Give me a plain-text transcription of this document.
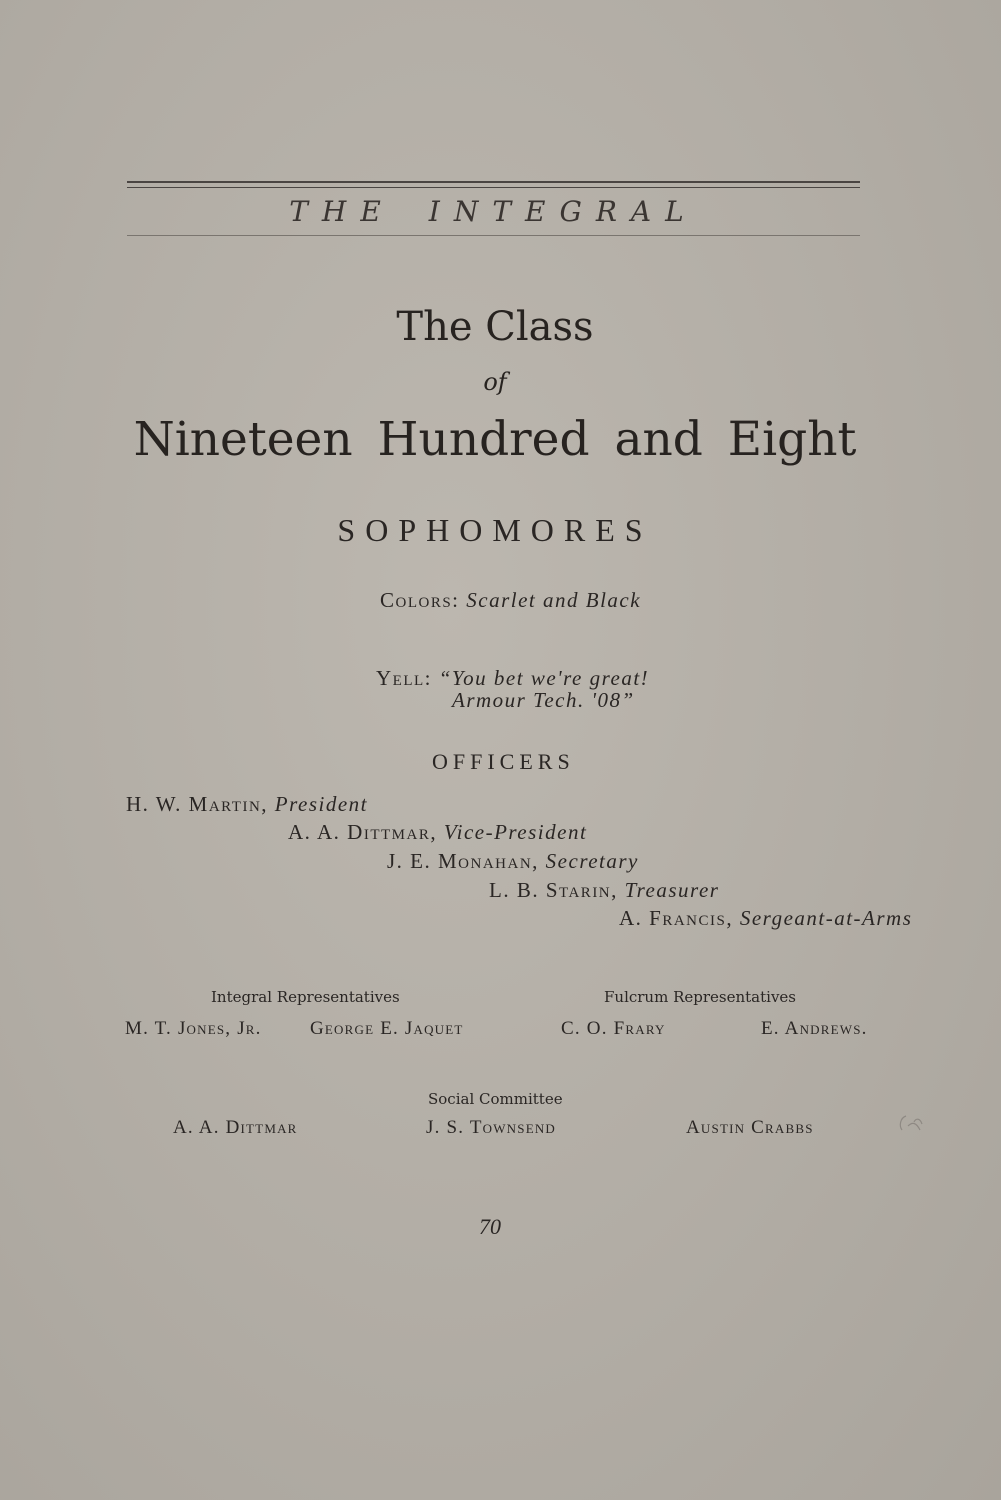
THE INTEGRAL
The Class
of
Nineteen Hundred and Eight
SOPHOMORES
Colors: Scarlet and Black
Yell: “You bet we're great!
Armour Tech. '08”
OFFICERS
H. W. Martin, President
A. A. Dittmar, Vice-President
J. E. Monahan, Secretary
L. B. Starin, Treasurer
A. Francis, Sergeant-at-Arms
Integral Representatives	Fulcrum Representatives
M. T. Jones, Jr.	George E. Jaquet	C. O. Frary	E. Andrews.
Social Committee
A. A. Dittmar	J. S. Townsend	Austin Crabbs
70
